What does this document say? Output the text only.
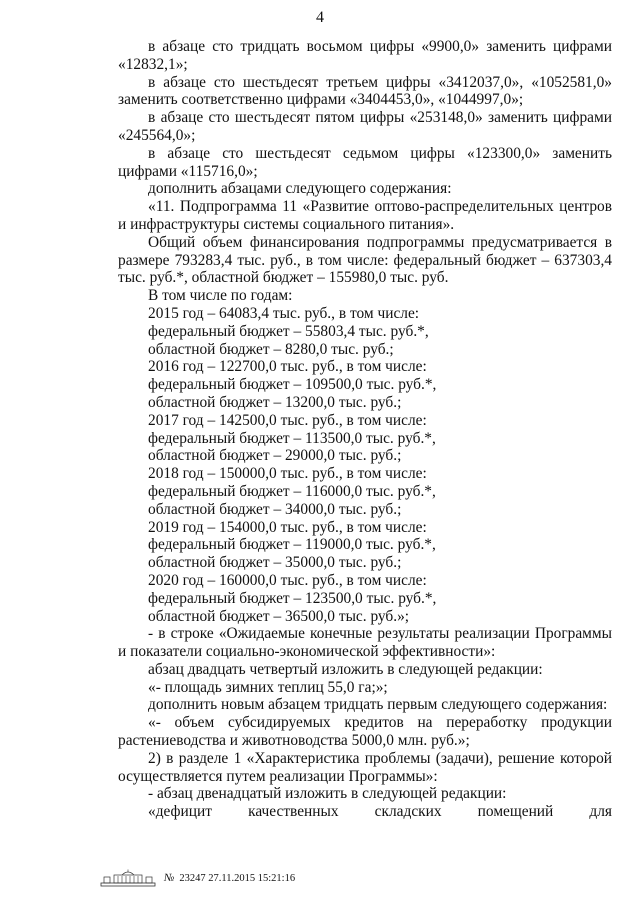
4

в абзаце сто тридцать восьмом цифры «9900,0» заменить цифрами «12832,1»;

в абзаце сто шестьдесят третьем цифры «3412037,0», «1052581,0» заменить соответственно цифрами «3404453,0», «1044997,0»;

в абзаце сто шестьдесят пятом цифры «253148,0» заменить цифрами «245564,0»;

в абзаце сто шестьдесят седьмом цифры «123300,0» заменить цифрами «115716,0»;

дополнить абзацами следующего содержания:

«11. Подпрограмма 11 «Развитие оптово-распределительных центров и инфраструктуры системы социального питания».

Общий объем финансирования подпрограммы предусматривается в размере 793283,4 тыс. руб., в том числе: федеральный бюджет – 637303,4 тыс. руб.*, областной бюджет – 155980,0 тыс. руб.

В том числе по годам:

2015 год – 64083,4 тыс. руб., в том числе:

федеральный бюджет – 55803,4 тыс. руб.*,

областной бюджет – 8280,0 тыс. руб.;

2016 год – 122700,0 тыс. руб., в том числе:

федеральный бюджет – 109500,0 тыс. руб.*,

областной бюджет – 13200,0 тыс. руб.;

2017 год – 142500,0 тыс. руб., в том числе:

федеральный бюджет – 113500,0 тыс. руб.*,

областной бюджет – 29000,0 тыс. руб.;

2018 год – 150000,0 тыс. руб., в том числе:

федеральный бюджет – 116000,0 тыс. руб.*,

областной бюджет – 34000,0 тыс. руб.;

2019 год – 154000,0 тыс. руб., в том числе:

федеральный бюджет – 119000,0 тыс. руб.*,

областной бюджет – 35000,0 тыс. руб.;

2020 год – 160000,0 тыс. руб., в том числе:

федеральный бюджет – 123500,0 тыс. руб.*,

областной бюджет – 36500,0 тыс. руб.»;

- в строке «Ожидаемые конечные результаты реализации Программы и показатели социально-экономической эффективности»:

абзац двадцать четвертый изложить в следующей редакции:

«- площадь зимних теплиц 55,0 га;»;

дополнить новым абзацем тридцать первым следующего содержания:

«- объем субсидируемых кредитов на переработку продукции растениеводства и животноводства 5000,0 млн. руб.»;

2) в разделе 1 «Характеристика проблемы (задачи), решение которой осуществляется путем реализации Программы»:

- абзац двенадцатый изложить в следующей редакции:

«дефицит качественных складских помещений для

№ 23247 27.11.2015 15:21:16
